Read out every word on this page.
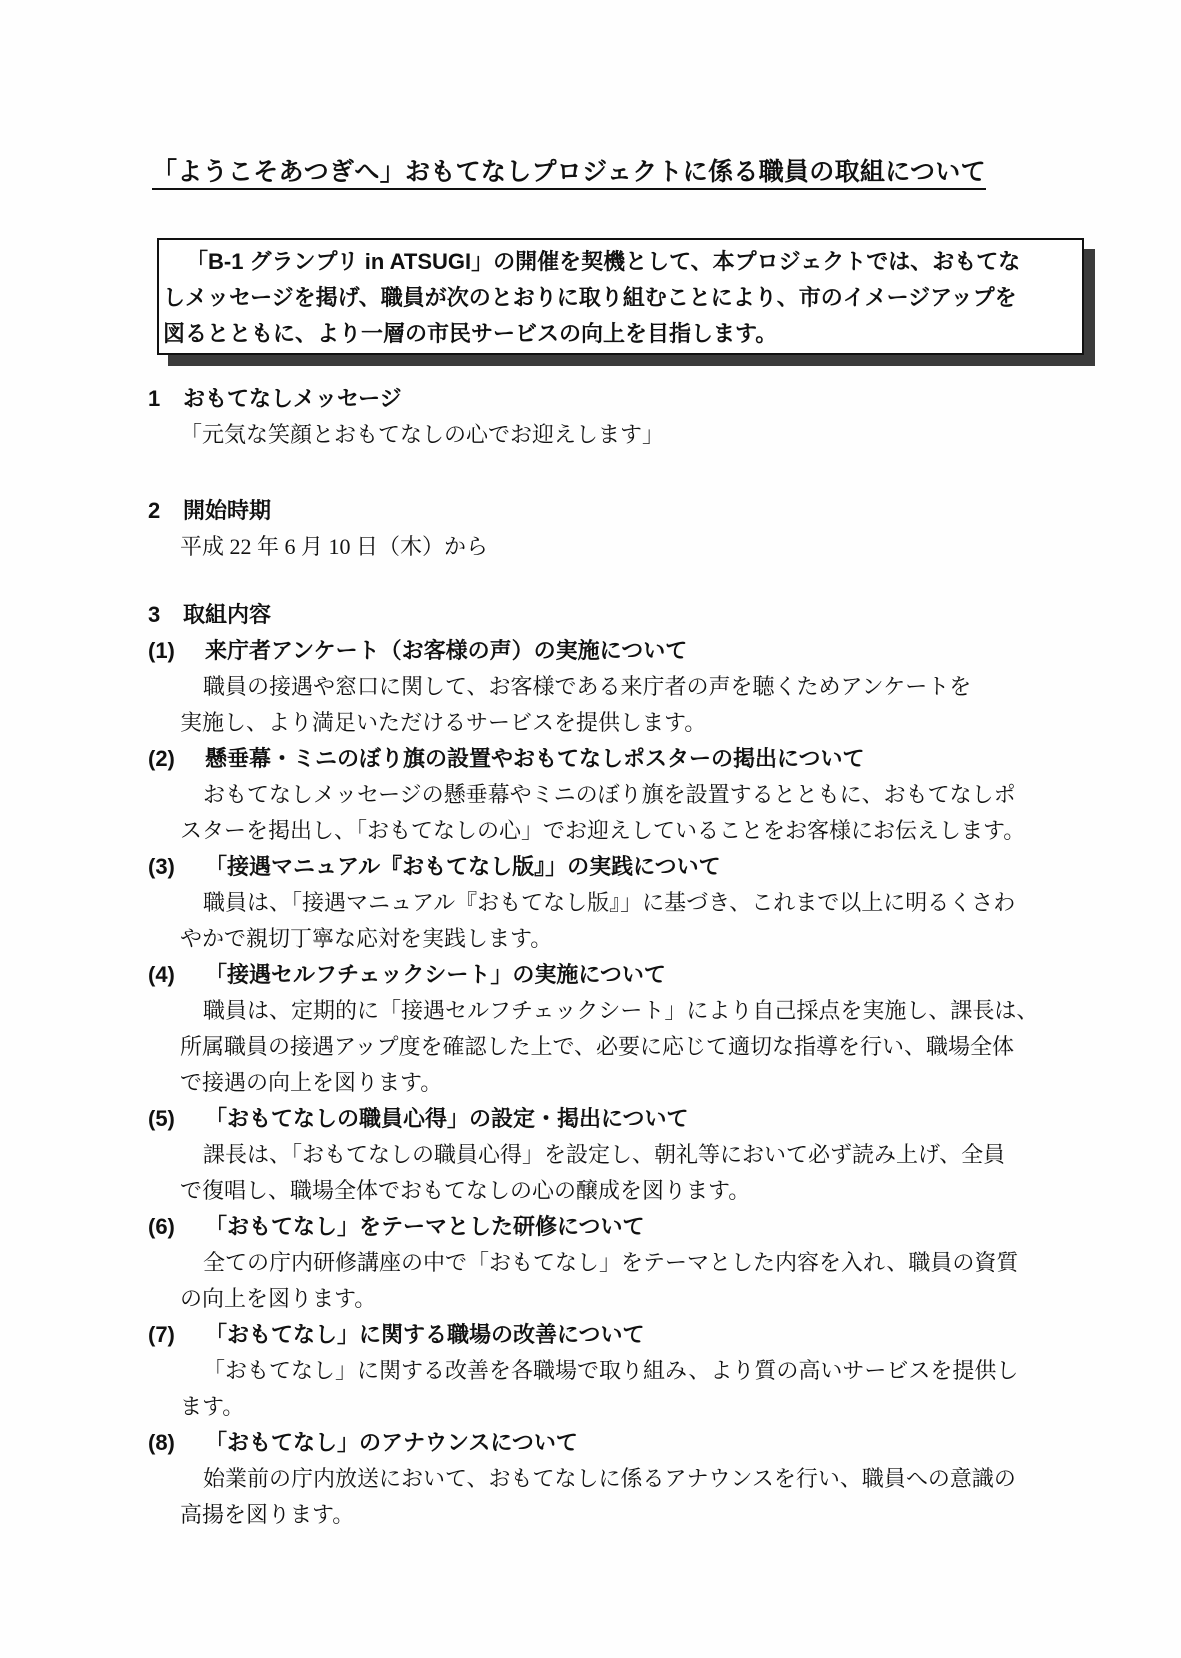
「ようこそあつぎへ」おもてなしプロジェクトに係る職員の取組について
「B-1 グランプリ in ATSUGI」の開催を契機として、本プロジェクトでは、おもてな
しメッセージを掲げ、職員が次のとおりに取り組むことにより、市のイメージアップを
図るとともに、より一層の市民サービスの向上を目指します。
1 おもてなしメッセージ
「元気な笑顔とおもてなしの心でお迎えします」
2 開始時期
平成 22 年 6 月 10 日（木）から
3 取組内容
(1) 来庁者アンケート（お客様の声）の実施について
職員の接遇や窓口に関して、お客様である来庁者の声を聴くためアンケートを
実施し、より満足いただけるサービスを提供します。
(2) 懸垂幕・ミニのぼり旗の設置やおもてなしポスターの掲出について
おもてなしメッセージの懸垂幕やミニのぼり旗を設置するとともに、おもてなしポ
スターを掲出し、「おもてなしの心」でお迎えしていることをお客様にお伝えします。
(3) 「接遇マニュアル『おもてなし版』」の実践について
職員は、「接遇マニュアル『おもてなし版』」に基づき、これまで以上に明るくさわ
やかで親切丁寧な応対を実践します。
(4) 「接遇セルフチェックシート」の実施について
職員は、定期的に「接遇セルフチェックシート」により自己採点を実施し、課長は、
所属職員の接遇アップ度を確認した上で、必要に応じて適切な指導を行い、職場全体
で接遇の向上を図ります。
(5) 「おもてなしの職員心得」の設定・掲出について
課長は、「おもてなしの職員心得」を設定し、朝礼等において必ず読み上げ、全員
で復唱し、職場全体でおもてなしの心の醸成を図ります。
(6) 「おもてなし」をテーマとした研修について
全ての庁内研修講座の中で「おもてなし」をテーマとした内容を入れ、職員の資質
の向上を図ります。
(7) 「おもてなし」に関する職場の改善について
「おもてなし」に関する改善を各職場で取り組み、より質の高いサービスを提供し
ます。
(8) 「おもてなし」のアナウンスについて
始業前の庁内放送において、おもてなしに係るアナウンスを行い、職員への意識の
高揚を図ります。
